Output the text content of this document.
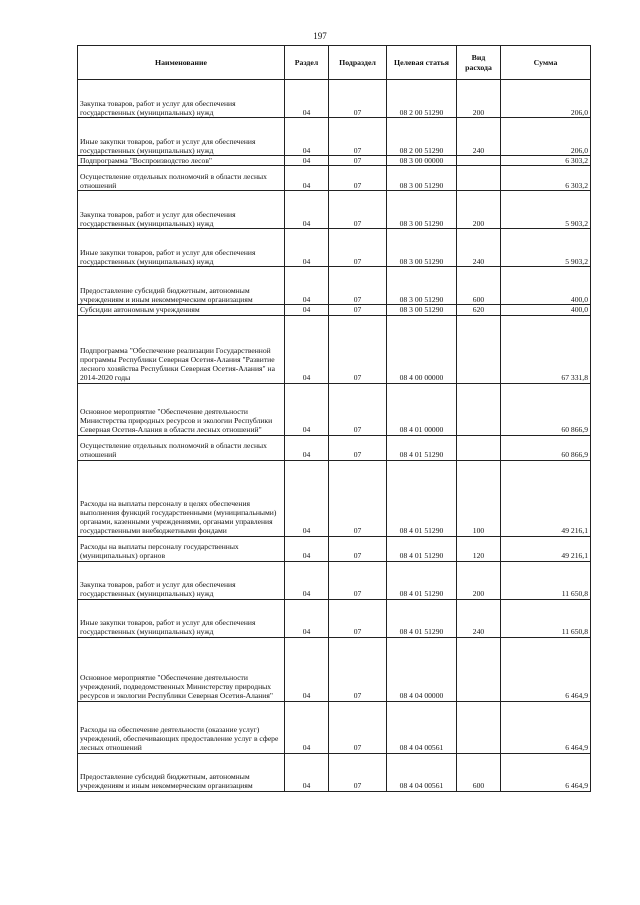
197
Наименование	Раздел	Подраздел	Целевая статья	Вид расхода	Сумма
Закупка товаров, работ и услуг для обеспечения государственных (муниципальных) нужд	04	07	08 2 00 51290	200	206,0
Иные закупки товаров, работ и услуг для обеспечения государственных (муниципальных) нужд	04	07	08 2 00 51290	240	206,0
Подпрограмма "Воспроизводство лесов"	04	07	08 3 00 00000		6 303,2
Осуществление отдельных полномочий в области лесных отношений	04	07	08 3 00 51290		6 303,2
Закупка товаров, работ и услуг для обеспечения государственных (муниципальных) нужд	04	07	08 3 00 51290	200	5 903,2
Иные закупки товаров, работ и услуг для обеспечения государственных (муниципальных) нужд	04	07	08 3 00 51290	240	5 903,2
Предоставление субсидий бюджетным, автономным учреждениям и иным некоммерческим организациям	04	07	08 3 00 51290	600	400,0
Субсидии автономным учреждениям	04	07	08 3 00 51290	620	400,0
Подпрограмма "Обеспечение реализации Государственной программы Республики Северная Осетия-Алания "Развитие лесного хозяйства Республики Северная Осетия-Алания" на 2014-2020 годы	04	07	08 4 00 00000		67 331,8
Основное мероприятие "Обеспечение деятельности Министерства природных ресурсов и экологии Республики Северная Осетия-Алания в области лесных отношений"	04	07	08 4 01 00000		60 866,9
Осуществление отдельных полномочий в области лесных отношений	04	07	08 4 01 51290		60 866,9
Расходы на выплаты персоналу в целях обеспечения выполнения функций государственными (муниципальными) органами, казенными учреждениями, органами управления государственными внебюджетными фондами	04	07	08 4 01 51290	100	49 216,1
Расходы на выплаты персоналу государственных (муниципальных) органов	04	07	08 4 01 51290	120	49 216,1
Закупка товаров, работ и услуг для обеспечения государственных (муниципальных) нужд	04	07	08 4 01 51290	200	11 650,8
Иные закупки товаров, работ и услуг для обеспечения государственных (муниципальных) нужд	04	07	08 4 01 51290	240	11 650,8
Основное мероприятие "Обеспечение деятельности учреждений, подведомственных Министерству природных ресурсов и экологии Республики Северная Осетия-Алания"	04	07	08 4 04 00000		6 464,9
Расходы на обеспечение деятельности (оказание услуг) учреждений, обеспечивающих предоставление услуг в сфере лесных отношений	04	07	08 4 04 00561		6 464,9
Предоставление субсидий бюджетным, автономным учреждениям и иным некоммерческим организациям	04	07	08 4 04 00561	600	6 464,9
